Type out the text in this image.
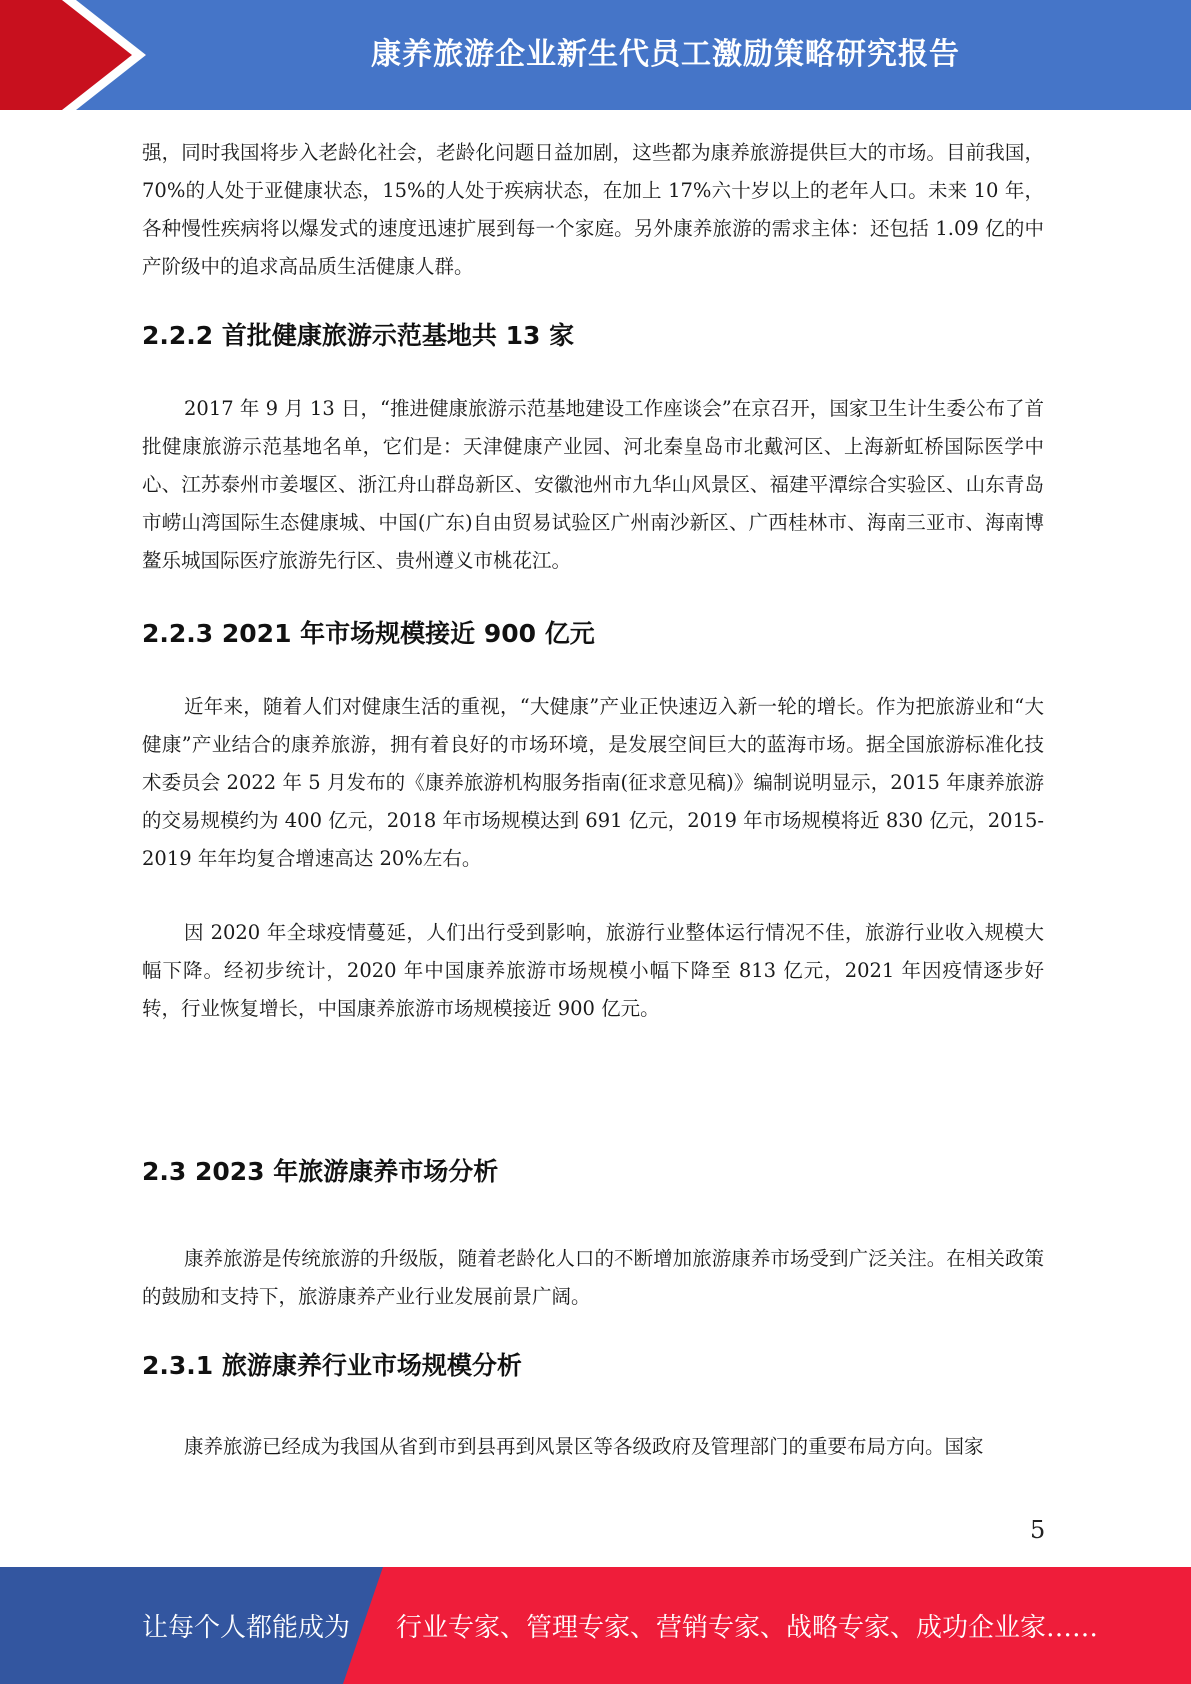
康养旅游企业新生代员工激励策略研究报告

强，同时我国将步入老龄化社会，老龄化问题日益加剧，这些都为康养旅游提供巨大的市场。目前我国，70%的人处于亚健康状态，15%的人处于疾病状态，在加上 17%六十岁以上的老年人口。未来 10 年，各种慢性疾病将以爆发式的速度迅速扩展到每一个家庭。另外康养旅游的需求主体：还包括 1.09 亿的中产阶级中的追求高品质生活健康人群。

2.2.2 首批健康旅游示范基地共 13 家

2017 年 9 月 13 日，“推进健康旅游示范基地建设工作座谈会”在京召开，国家卫生计生委公布了首批健康旅游示范基地名单，它们是：天津健康产业园、河北秦皇岛市北戴河区、上海新虹桥国际医学中心、江苏泰州市姜堰区、浙江舟山群岛新区、安徽池州市九华山风景区、福建平潭综合实验区、山东青岛市崂山湾国际生态健康城、中国(广东)自由贸易试验区广州南沙新区、广西桂林市、海南三亚市、海南博鳌乐城国际医疗旅游先行区、贵州遵义市桃花江。

2.2.3 2021 年市场规模接近 900 亿元

近年来，随着人们对健康生活的重视，“大健康”产业正快速迈入新一轮的增长。作为把旅游业和“大健康”产业结合的康养旅游，拥有着良好的市场环境，是发展空间巨大的蓝海市场。据全国旅游标准化技术委员会 2022 年 5 月发布的《康养旅游机构服务指南(征求意见稿)》编制说明显示，2015 年康养旅游的交易规模约为 400 亿元，2018 年市场规模达到 691 亿元，2019 年市场规模将近 830 亿元，2015-2019 年年均复合增速高达 20%左右。

因 2020 年全球疫情蔓延，人们出行受到影响，旅游行业整体运行情况不佳，旅游行业收入规模大幅下降。经初步统计，2020 年中国康养旅游市场规模小幅下降至 813 亿元，2021 年因疫情逐步好转，行业恢复增长，中国康养旅游市场规模接近 900 亿元。

2.3 2023 年旅游康养市场分析

康养旅游是传统旅游的升级版，随着老龄化人口的不断增加旅游康养市场受到广泛关注。在相关政策的鼓励和支持下，旅游康养产业行业发展前景广阔。

2.3.1 旅游康养行业市场规模分析

康养旅游已经成为我国从省到市到县再到风景区等各级政府及管理部门的重要布局方向。国家

5
让每个人都能成为 行业专家、管理专家、营销专家、战略专家、成功企业家……
